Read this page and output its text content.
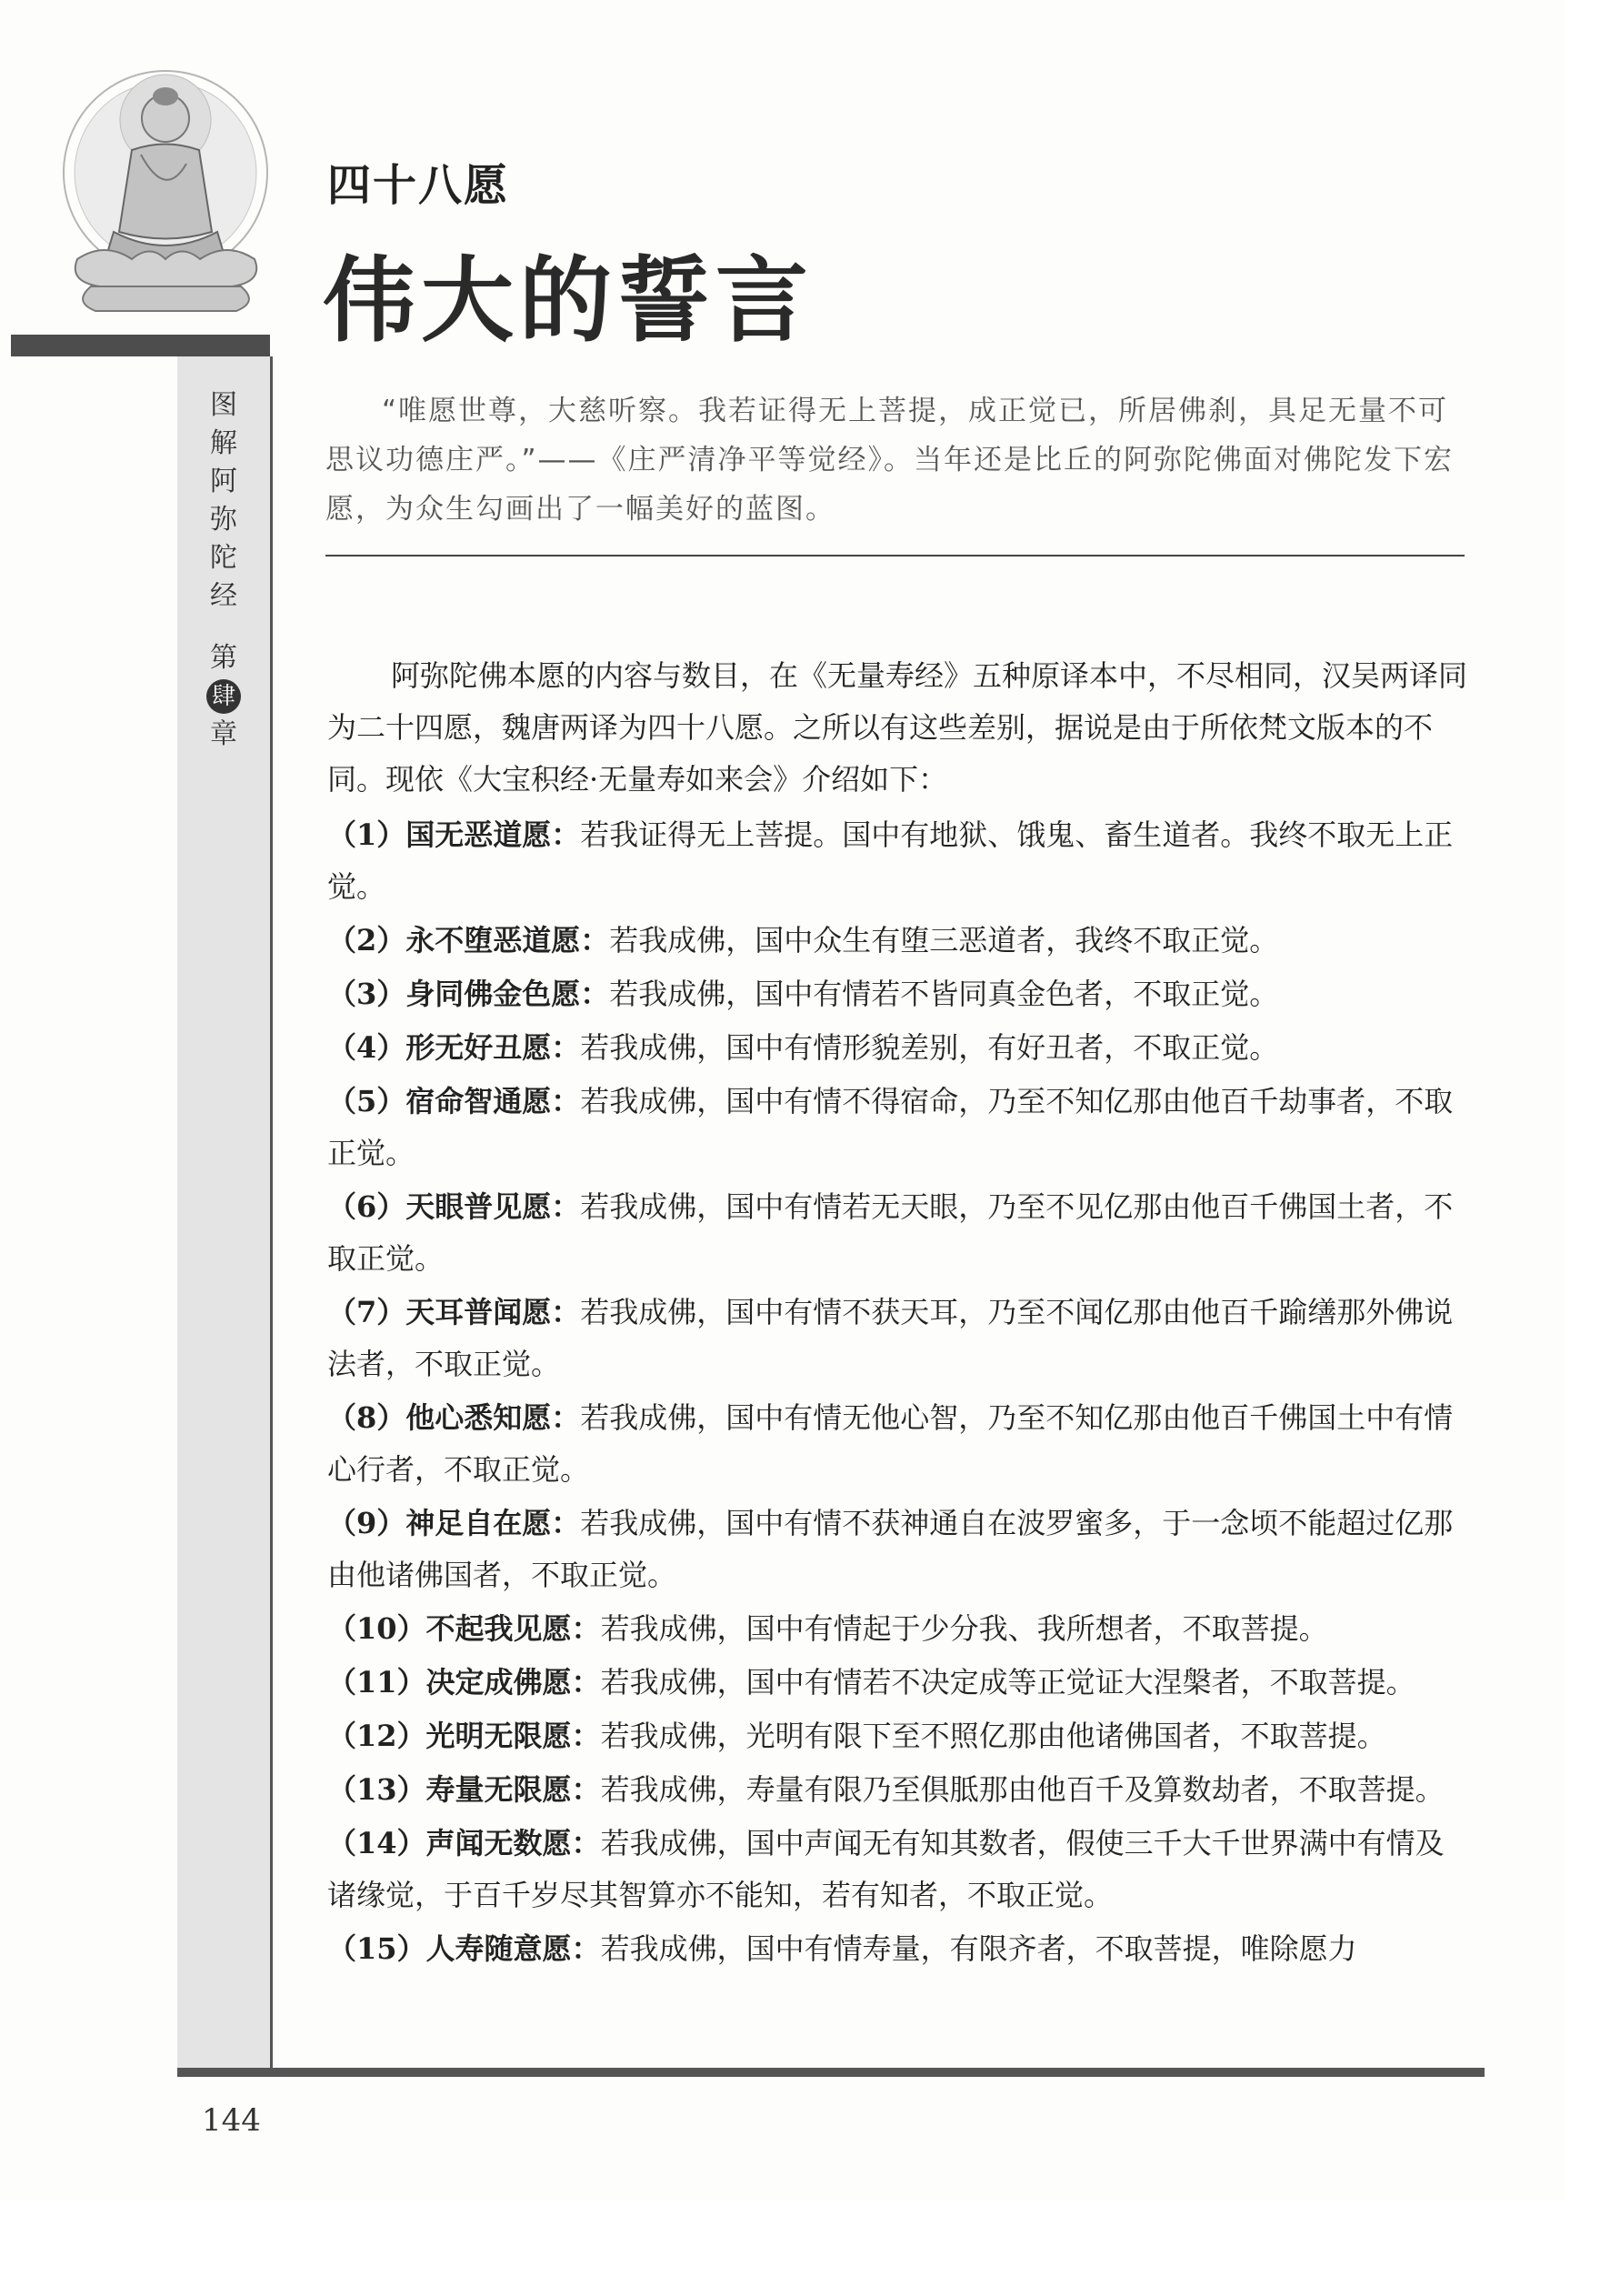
四十八愿
伟大的誓言
图
解
阿
弥
陀
经
第
肆
章
“唯愿世尊，大慈听察。我若证得无上菩提，成正觉已，所居佛刹，具足无量不可思议功德庄严。”——《庄严清净平等觉经》。当年还是比丘的阿弥陀佛面对佛陀发下宏愿，为众生勾画出了一幅美好的蓝图。

阿弥陀佛本愿的内容与数目，在《无量寿经》五种原译本中，不尽相同，汉吴两译同为二十四愿，魏唐两译为四十八愿。之所以有这些差别，据说是由于所依梵文版本的不同。现依《大宝积经·无量寿如来会》介绍如下：

（1）国无恶道愿：若我证得无上菩提。国中有地狱、饿鬼、畜生道者。我终不取无上正觉。

（2）永不堕恶道愿：若我成佛，国中众生有堕三恶道者，我终不取正觉。

（3）身同佛金色愿：若我成佛，国中有情若不皆同真金色者，不取正觉。

（4）形无好丑愿：若我成佛，国中有情形貌差别，有好丑者，不取正觉。

（5）宿命智通愿：若我成佛，国中有情不得宿命，乃至不知亿那由他百千劫事者，不取正觉。

（6）天眼普见愿：若我成佛，国中有情若无天眼，乃至不见亿那由他百千佛国土者，不取正觉。

（7）天耳普闻愿：若我成佛，国中有情不获天耳，乃至不闻亿那由他百千踰缮那外佛说法者，不取正觉。

（8）他心悉知愿：若我成佛，国中有情无他心智，乃至不知亿那由他百千佛国土中有情心行者，不取正觉。

（9）神足自在愿：若我成佛，国中有情不获神通自在波罗蜜多，于一念顷不能超过亿那由他诸佛国者，不取正觉。

（10）不起我见愿：若我成佛，国中有情起于少分我、我所想者，不取菩提。

（11）决定成佛愿：若我成佛，国中有情若不决定成等正觉证大涅槃者，不取菩提。

（12）光明无限愿：若我成佛，光明有限下至不照亿那由他诸佛国者，不取菩提。

（13）寿量无限愿：若我成佛，寿量有限乃至俱胝那由他百千及算数劫者，不取菩提。

（14）声闻无数愿：若我成佛，国中声闻无有知其数者，假使三千大千世界满中有情及诸缘觉，于百千岁尽其智算亦不能知，若有知者，不取正觉。

（15）人寿随意愿：若我成佛，国中有情寿量，有限齐者，不取菩提，唯除愿力

144
